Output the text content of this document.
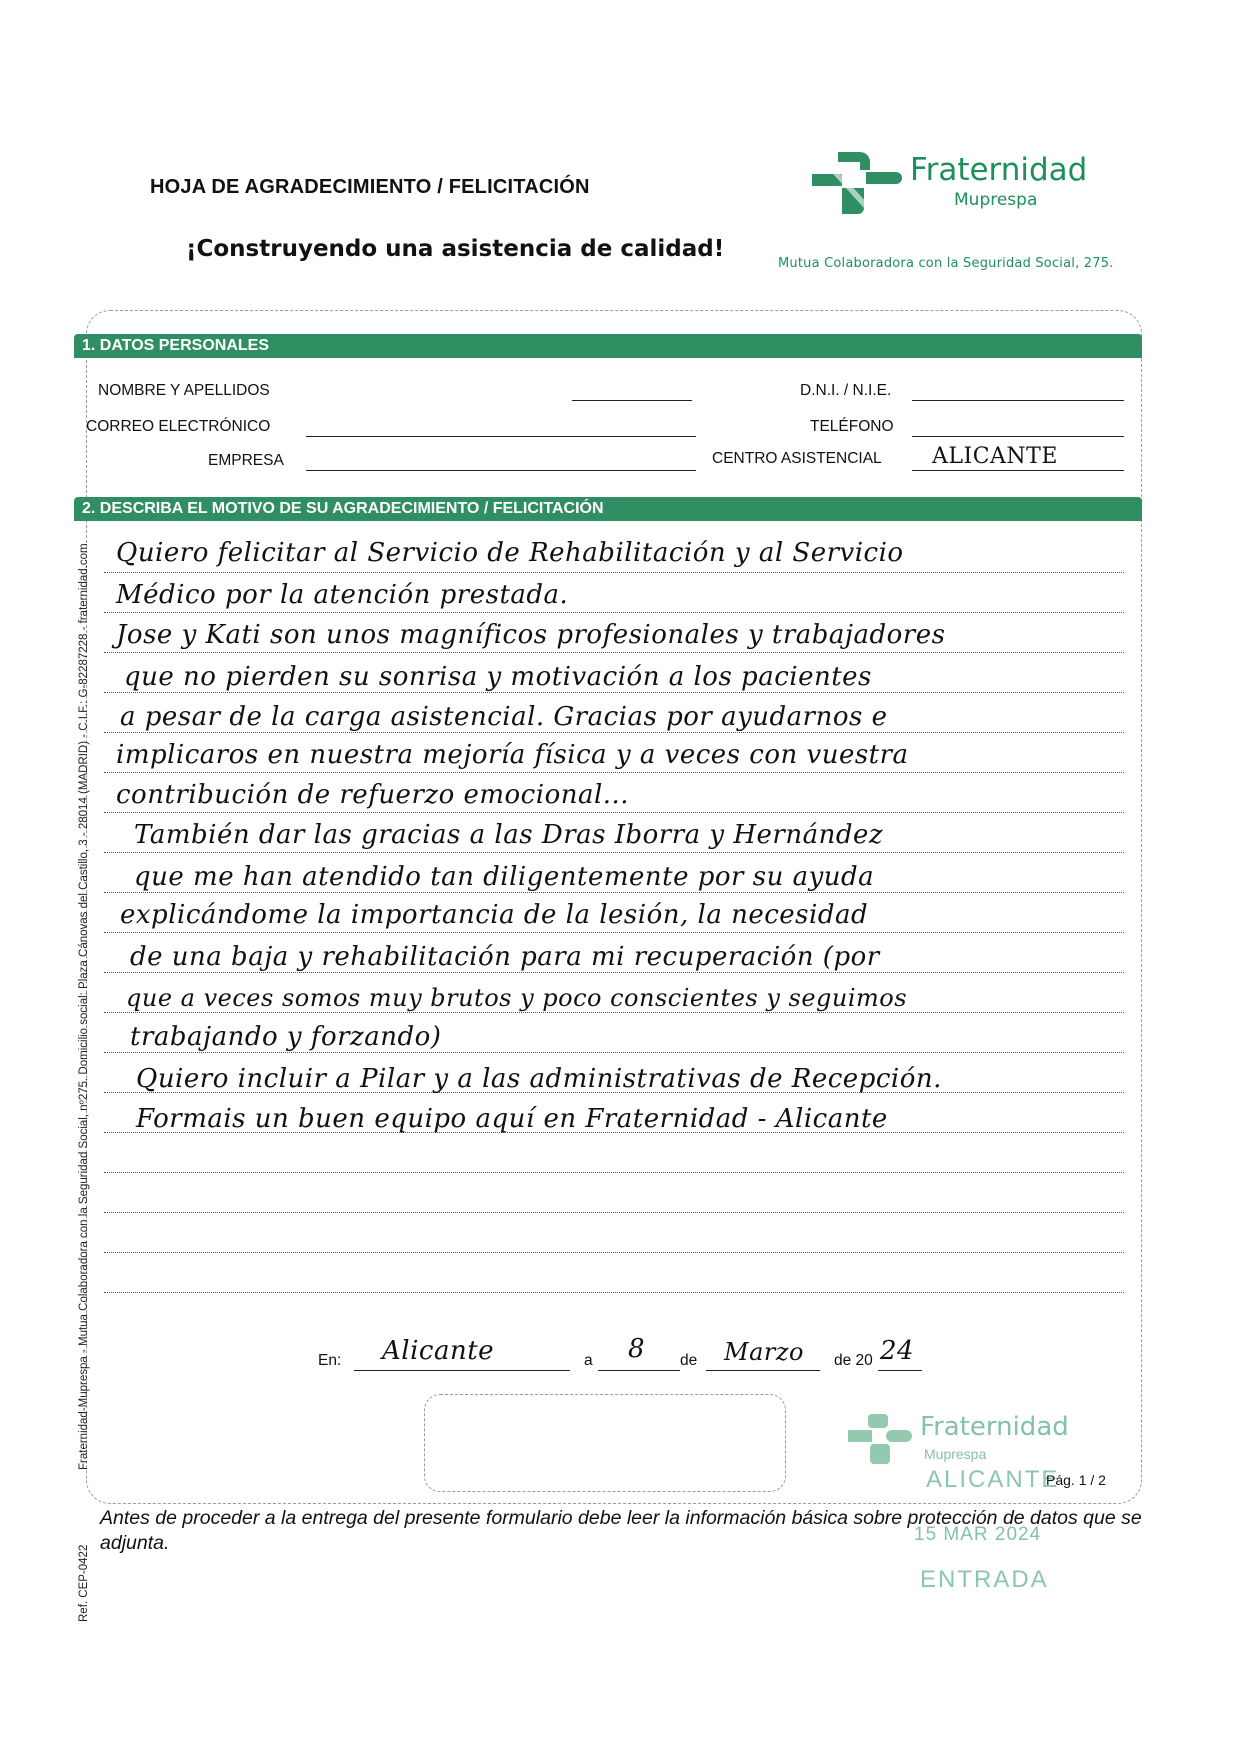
HOJA DE AGRADECIMIENTO / FELICITACIÓN
¡Construyendo una asistencia de calidad!
Fraternidad
Muprespa
Mutua Colaboradora con la Seguridad Social, 275.
1. DATOS PERSONALES
NOMBRE Y APELLIDOS	D.N.I. / N.I.E.
CORREO ELECTRÓNICO	TELÉFONO
EMPRESA	CENTRO ASISTENCIAL ALICANTE
2. DESCRIBA EL MOTIVO DE SU AGRADECIMIENTO / FELICITACIÓN
Quiero felicitar al Servicio de Rehabilitación y al Servicio
Médico por la atención prestada.
Jose y Kati son unos magníficos profesionales y trabajadores
que no pierden su sonrisa y motivación a los pacientes
a pesar de la carga asistencial. Gracias por ayudarnos e
implicaros en nuestra mejoría física y a veces con vuestra
contribución de refuerzo emocional...
También dar las gracias a las Dras Iborra y Hernández
que me han atendido tan diligentemente por su ayuda
explicándome la importancia de la lesión, la necesidad
de una baja y rehabilitación para mi recuperación (por
que a veces somos muy brutos y poco conscientes y seguimos
trabajando y forzando)
Quiero incluir a Pilar y a las administrativas de Recepción.
Formais un buen equipo aquí en Fraternidad - Alicante
En: Alicante	a 8 de Marzo de 20 24
Fraternidad
Muprespa
ALICANTE
15 MAR 2024
ENTRADA
Pág. 1 / 2
Antes de proceder a la entrega del presente formulario debe leer la información básica sobre protección de datos que se adjunta.
Fraternidad-Muprespa - Mutua Colaboradora con la Seguridad Social, nº275. Domicilio social: Plaza Cánovas del Castillo, 3 - 28014 (MADRID) - C.I.F.: G-82287228 - fraternidad.com
Ref. CEP-0422
